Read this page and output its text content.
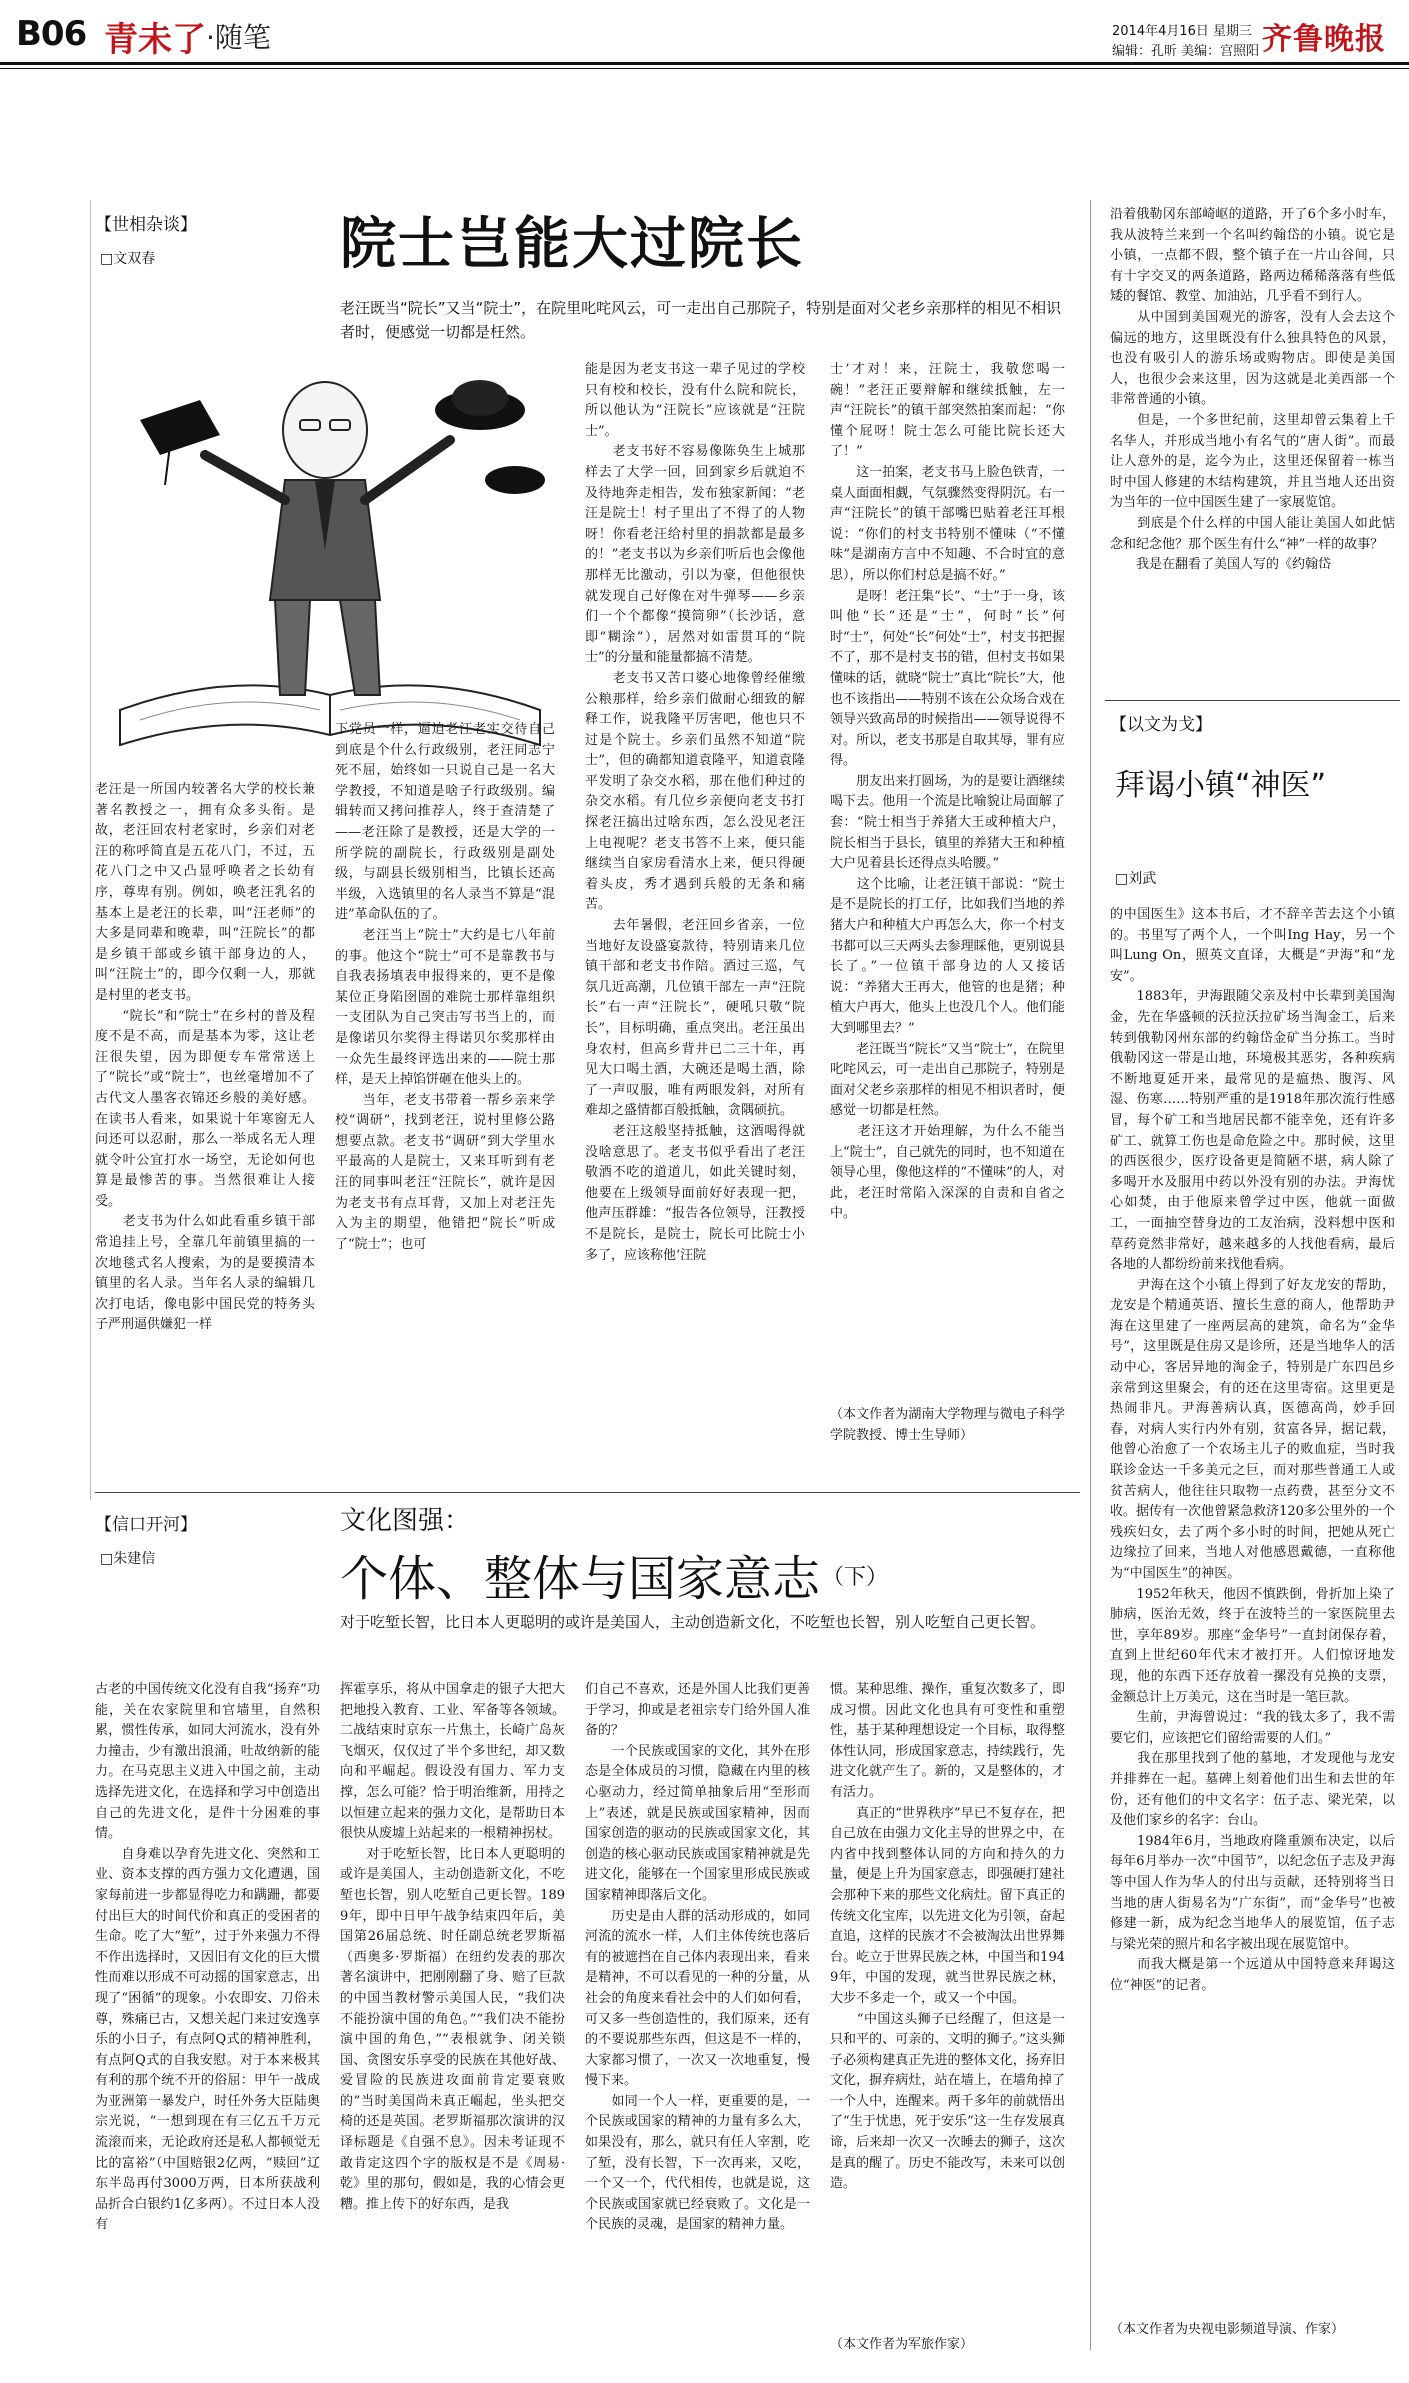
B06 青未了 ·随笔	2014年4月16日 星期三
编辑：孔昕 美编：宫照阳 齐鲁晚报
【世相杂谈】
□文双春	院士岂能大过院长
老汪既当“院长”又当“院士”，在院里叱咤风云，可一走出自己那院子，特别是面对父老乡亲那样的相见不相识者时，便感觉一切都是枉然。
老汪是一所国内较著名大学的校长兼著名教授之一，拥有众多头衔。是故，老汪回农村老家时，乡亲们对老汪的称呼简直是五花八门，不过，五花八门之中又凸显呼唤者之长幼有序，尊卑有别。例如，唤老汪乳名的基本上是老汪的长辈，叫“汪老师”的大多是同辈和晚辈，叫“汪院长”的都是乡镇干部或乡镇干部身边的人，叫“汪院士”的，即今仅剩一人，那就是村里的老支书。
　　“院长”和“院士”在乡村的普及程度不是不高，而是基本为零，这让老汪很失望，因为即便专车常常送上了“院长”或“院士”，也丝毫增加不了古代文人墨客衣锦还乡般的美好感。在读书人看来，如果说十年寒窗无人问还可以忍耐，那么一举成名无人理就令叶公宜打水一场空，无论如何也算是最惨苦的事。当然很难让人接受。
　　老支书为什么如此看重乡镇干部常追挂上号，全靠几年前镇里搞的一次地毯式名人搜索，为的是要摸清本镇里的名人录。当年名人录的编辑几次打电话，像电影中国民党的特务头子严刑逼供嫌犯一样
下党员一样，逼迫老汪老实交待自己到底是个什么行政级别，老汪同志宁死不屈，始终如一只说自己是一名大学教授，不知道是啥子行政级别。编辑转而又拷问推荐人，终于查清楚了——老汪除了是教授，还是大学的一所学院的副院长，行政级别是副处级，与副县长级别相当，比镇长还高半级，入选镇里的名人录当不算是“混进”革命队伍的了。
　　老汪当上“院士”大约是七八年前的事。他这个“院士”可不是靠教书与自我表扬填表申报得来的，更不是像某位正身陷囹圄的难院士那样靠组织一支团队为自己突击写书当上的，而是像诺贝尔奖得主得诺贝尔奖那样由一众先生最终评选出来的——院士那样，是天上掉馅饼砸在他头上的。
　　当年，老支书带着一帮乡亲来学校“调研”，找到老汪，说村里修公路想要点款。老支书“调研”到大学里水平最高的人是院士，又来耳听到有老汪的同事叫老汪“汪院长”，就许是因为老支书有点耳背，又加上对老汪先入为主的期望，他错把“院长”听成了“院士”；也可
能是因为老支书这一辈子见过的学校只有校和校长，没有什么院和院长，所以他认为“汪院长”应该就是“汪院士”。
　　老支书好不容易像陈奂生上城那样去了大学一回，回到家乡后就迫不及待地奔走相告，发布独家新闻：“老汪是院士！村子里出了不得了的人物呀！你看老汪给村里的捐款都是最多的！”老支书以为乡亲们听后也会像他那样无比激动，引以为豪，但他很快就发现自己好像在对牛弹琴——乡亲们一个个都像“摸筒卵”（长沙话，意即“糊涂”），居然对如雷贯耳的“院士”的分量和能量都搞不清楚。
　　老支书又苦口婆心地像曾经催缴公粮那样，给乡亲们做耐心细致的解释工作，说我隆平厉害吧，他也只不过是个院士。乡亲们虽然不知道“院士”，但的确都知道袁隆平，知道袁隆平发明了杂交水稻，那在他们种过的杂交水稻。有几位乡亲便向老支书打探老汪搞出过啥东西，怎么没见老汪上电视呢？老支书答不上来，便只能继续当自家房看清水上来，便只得硬着头皮，秀才遇到兵般的无条和痛苦。
　　去年暑假，老汪回乡省亲，一位当地好友设盛宴款待，特别请来几位镇干部和老支书作陪。酒过三巡，气氛几近高潮，几位镇干部左一声“汪院长”右一声“汪院长”，硬吼只敬“院长”，目标明确，重点突出。老汪虽出身农村，但高乡背井已二三十年，再见大口喝土酒，大碗还是喝土酒，除了一声叹服，唯有两眼发斜，对所有难却之盛情都百般抵触，贪隅硕抗。
　　老汪这般坚持抵触，这酒喝得就没啥意思了。老支书似乎看出了老汪敬酒不吃的道道儿，如此关键时刻，他要在上级领导面前好好表现一把，他声压群雄：“报告各位领导，汪教授不是院长，是院士，院长可比院士小多了，应该称他‘汪院
士’才对！来，汪院士，我敬您喝一碗！”老汪正要辩解和继续抵触，左一声“汪院长”的镇干部突然拍案而起：“你懂个屁呀！院士怎么可能比院长还大了！”
　　这一拍案，老支书马上脸色铁青，一桌人面面相觑，气氛骤然变得阴沉。右一声“汪院长”的镇干部嘴巴贴着老汪耳根说：“你们的村支书特别不懂味（“不懂味”是湖南方言中不知趣、不合时宜的意思），所以你们村总是搞不好。”
　　是呀！老汪集“长”、“士”于一身，该叫他“长”还是“士”，何时“长”何时“士”，何处“长”何处“士”，村支书把握不了，那不是村支书的错，但村支书如果懂味的话，就晓“院士”真比“院长”大，他也不该指出——特别不该在公众场合戏在领导兴致高昂的时候指出——领导说得不对。所以，老支书那是自取其辱，罪有应得。
　　朋友出来打圆场，为的是要让酒继续喝下去。他用一个流是比喻貌让局面解了套：“院士相当于养猪大王或种植大户，院长相当于县长，镇里的养猪大王和种植大户见着县长还得点头哈腰。”
　　这个比喻，让老汪镇干部说：“院士是不是院长的打工仔，比如我们当地的养猪大户和种植大户再怎么大，你一个村支书都可以三天两头去参理睬他，更别说县长了。”一位镇干部身边的人又接话说：“养猪大王再大，他管的也是猪；种植大户再大，他头上也没几个人。他们能大到哪里去？”
　　老汪既当“院长”又当“院士”，在院里叱咤风云，可一走出自己那院子，特别是面对父老乡亲那样的相见不相识者时，便感觉一切都是枉然。
　　老汪这才开始理解，为什么不能当上“院士”，自己就先的同时，也不知道在领导心里，像他这样的“不懂味”的人，对此，老汪时常陷入深深的自责和自省之中。
（本文作者为湖南大学物理与微电子科学学院教授、博士生导师）
【信口开河】
□朱建信
文化图强：
个体、整体与国家意志 （下）
对于吃堑长智，比日本人更聪明的或许是美国人，主动创造新文化，不吃堑也长智，别人吃堑自己更长智。
古老的中国传统文化没有自我“扬弃”功能，关在农家院里和官墙里，自然积累，惯性传承，如同大河流水，没有外力撞击，少有激出浪涌，吐故纳新的能力。在马克思主义进入中国之前，主动选择先进文化，在选择和学习中创造出自己的先进文化，是件十分困难的事情。
　　自身难以孕育先进文化、突然和工业、资本支撑的西方强力文化遭遇，国家每前进一步都显得吃力和蹒跚，都要付出巨大的时间代价和真正的受困者的生命。吃了大“堑”，过于外来强力不得不作出选择时，又因旧有文化的巨大惯性而难以形成不可动摇的国家意志，出现了“困循”的现象。小农即安、刀俗未尊，殊痛已古，又想关起门来过安逸享乐的小日子，有点阿Q式的精神胜利，有点阿Q式的自我安慰。对于本来极其有利的那个统不开的俗屈：甲午一战成为亚洲第一暴发户，时任外务大臣陆奥宗光说，“一想到现在有三亿五千万元流滚而来，无论政府还是私人都顿觉无比的富裕”（中国赔银2亿两，“赎回”辽东半岛再付3000万两，日本所获战利品折合白银约1亿多两）。不过日本人没有
挥霍享乐，将从中国拿走的银子大把大把地投入教育、工业、军备等各领域。二战结束时京东一片焦土，长崎广岛灰飞烟灭，仅仅过了半个多世纪，却又数向和平崛起。假设没有国力、军力支撑，怎么可能？恰于明治维新，用持之以恒建立起来的强力文化，是帮助日本很快从废墟上站起来的一根精神拐杖。
　　对于吃堑长智，比日本人更聪明的或许是美国人，主动创造新文化，不吃堑也长智，别人吃堑自己更长智。1899年，即中日甲午战争结束四年后，美国第26届总统、时任副总统老罗斯福（西奥多·罗斯福）在纽约发表的那次著名演讲中，把刚刚翻了身、赔了巨款的中国当教材警示美国人民，“我们决不能扮演中国的角色。”“我们决不能扮演中国的角色，”“表根就争、闭关锁国、贪图安乐享受的民族在其他好战、爱冒险的民族进攻面前肯定要衰败的”当时美国尚未真正崛起，坐头把交椅的还是英国。老罗斯福那次演讲的汉译标题是《自强不息》。因未考证现不敢肯定这四个字的版权是不是《周易·乾》里的那句，假如是，我的心情会更糟。推上传下的好东西，是我
们自己不喜欢，还是外国人比我们更善于学习，抑或是老祖宗专门给外国人准备的？
　　一个民族或国家的文化，其外在形态是全体成员的习惯，隐藏在内里的核心驱动力，经过简单抽象后用“至形而上”表述，就是民族或国家精神，因而国家创造的驱动的民族或国家文化，其创造的核心驱动民族或国家精神就是先进文化，能够在一个国家里形成民族或国家精神即落后文化。
　　历史是由人群的活动形成的，如同河流的流水一样，人们主体传统也落后有的被遮挡在自己体内表现出来，看来是精神，不可以看见的一种的分量，从社会的角度来看社会中的人们如何看，可又多一些创造性的，我们原来，还有的不要说那些东西，但这是不一样的，大家都习惯了，一次又一次地重复，慢慢下来。
　　如同一个人一样，更重要的是，一个民族或国家的精神的力量有多么大，如果没有，那么，就只有任人宰割，吃了堑，没有长智，下一次再来，又吃，一个又一个，代代相传，也就是说，这个民族或国家就已经衰败了。文化是一个民族的灵魂，是国家的精神力量。
惯。某种思维、操作，重复次数多了，即成习惯。因此文化也具有可变性和重塑性，基于某种理想设定一个目标，取得整体性认同，形成国家意志，持续践行，先进文化就产生了。新的，又是整体的，才有活力。
　　真正的“世界秩序”早已不复存在，把自己放在由强力文化主导的世界之中，在内省中找到整体认同的方向和持久的力量，便是上升为国家意志，即强硬打建社会那种下来的那些文化病灶。留下真正的传统文化宝库，以先进文化为引领，奋起直追，这样的民族才不会被淘汰出世界舞台。屹立于世界民族之林，中国当和1949年，中国的发现，就当世界民族之林，大步不多走一个，或又一个中国。
　　“中国这头狮子已经醒了，但这是一只和平的、可亲的、文明的狮子。”这头狮子必须构建真正先进的整体文化，扬弃旧文化，摒弃病灶，站在墙上，在墙角掉了一个人中，连醒来。两千多年的前就悟出了“生于忧患，死于安乐”这一生存发展真谛，后来却一次又一次睡去的狮子，这次是真的醒了。历史不能改写，未来可以创造。
（本文作者为军旅作家）
沿着俄勒冈东部崎岖的道路，开了6个多小时车，我从波特兰来到一个名叫约翰岱的小镇。说它是小镇，一点都不假，整个镇子在一片山谷间，只有十字交叉的两条道路，路两边稀稀落落有些低矮的餐馆、教堂、加油站，几乎看不到行人。
　　从中国到美国观光的游客，没有人会去这个偏远的地方，这里既没有什么独具特色的风景，也没有吸引人的游乐场或购物店。即使是美国人，也很少会来这里，因为这就是北美西部一个非常普通的小镇。
　　但是，一个多世纪前，这里却曾云集着上千名华人，并形成当地小有名气的“唐人街”。而最让人意外的是，迄今为止，这里还保留着一栋当时中国人修建的木结构建筑，并且当地人还出资为当年的一位中国医生建了一家展览馆。
　　到底是个什么样的中国人能让美国人如此惦念和纪念他？那个医生有什么“神”一样的故事？
　　我是在翻看了美国人写的《约翰岱
【以文为戈】
拜谒小镇“神医”
□刘武
的中国医生》这本书后，才不辞辛苦去这个小镇的。书里写了两个人，一个叫Ing Hay，另一个叫Lung On，照英文直译，大概是“尹海”和“龙安”。
　　1883年，尹海跟随父亲及村中长辈到美国淘金，先在华盛顿的沃拉沃拉矿场当淘金工，后来转到俄勒冈州东部的约翰岱金矿当分拣工。当时俄勒冈这一带是山地，环境极其恶劣，各种疾病不断地夏延开来，最常见的是瘟热、腹泻、风湿、伤寒……特别严重的是1918年那次流行性感冒，每个矿工和当地居民都不能幸免，还有许多矿工、就算工伤也是命危险之中。那时候，这里的西医很少，医疗设备更是简陋不堪，病人除了多喝开水及服用中药以外没有别的办法。尹海忧心如焚，由于他原来曾学过中医，他就一面做工，一面抽空替身边的工友治病，没料想中医和草药竟然非常好，越来越多的人找他看病，最后各地的人都纷纷前来找他看病。
　　尹海在这个小镇上得到了好友龙安的帮助，龙安是个精通英语、擅长生意的商人，他帮助尹海在这里建了一座两层高的建筑，命名为“金华号”，这里既是住房又是诊所，还是当地华人的活动中心，客居异地的淘金子，特别是广东四邑乡亲常到这里聚会，有的还在这里寄宿。这里更是热闹非凡。尹海善病认真，医德高尚，妙手回春，对病人实行内外有别，贫富各异，据记载，他曾心治愈了一个农场主儿子的败血症，当时我联诊金达一千多美元之巨，而对那些普通工人或贫苦病人，他往往只取物一点药费，甚至分文不收。据传有一次他曾紧急救济120多公里外的一个残疾妇女，去了两个多小时的时间，把她从死亡边缘拉了回来，当地人对他感恩戴德，一直称他为“中国医生”的神医。
　　1952年秋天，他因不慎跌倒，骨折加上染了肺病，医治无效，终于在波特兰的一家医院里去世，享年89岁。那座“金华号”一直封闭保存着，直到上世纪60年代末才被打开。人们惊讶地发现，他的东西下还存放着一摞没有兑换的支票，金额总计上万美元，这在当时是一笔巨款。
　　生前，尹海曾说过：“我的钱太多了，我不需要它们，应该把它们留给需要的人们。”
　　我在那里找到了他的墓地，才发现他与龙安并排葬在一起。墓碑上刻着他们出生和去世的年份，还有他们的中文名字：伍子志、梁光荣，以及他们家乡的名字：台山。
　　1984年6月，当地政府隆重颁布决定，以后每年6月举办一次“中国节”，以纪念伍子志及尹海等中国人作为华人的付出与贡献，还特别将当日当地的唐人街易名为“广东街”，而“金华号”也被修建一新，成为纪念当地华人的展览馆，伍子志与梁光荣的照片和名字被出现在展览馆中。
　　而我大概是第一个远道从中国特意来拜谒这位“神医”的记者。
（本文作者为央视电影频道导演、作家）
